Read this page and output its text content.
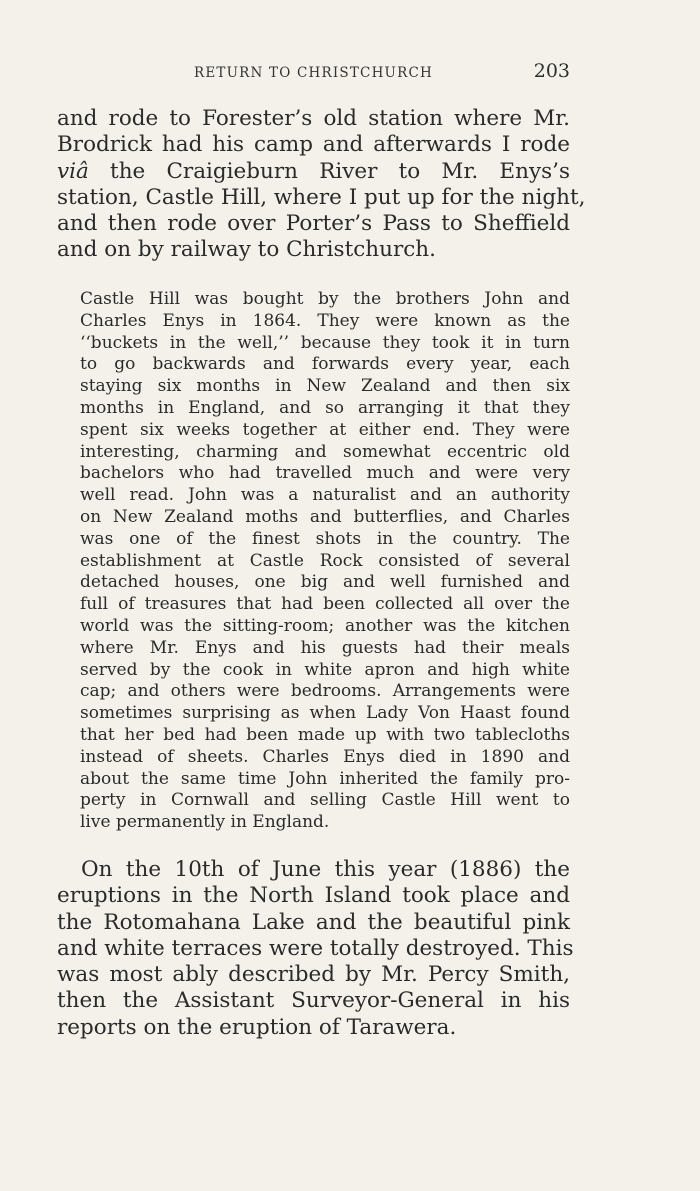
RETURN TO CHRISTCHURCH	203
and rode to Forester’s old station where Mr.
Brodrick had his camp and afterwards I rode
viâ the Craigieburn River to Mr. Enys’s
station, Castle Hill, where I put up for the night,
and then rode over Porter’s Pass to Sheffield
and on by railway to Christchurch.
Castle Hill was bought by the brothers John and
Charles Enys in 1864. They were known as the
‘‘buckets in the well,’’ because they took it in turn
to go backwards and forwards every year, each
staying six months in New Zealand and then six
months in England, and so arranging it that they
spent six weeks together at either end. They were
interesting, charming and somewhat eccentric old
bachelors who had travelled much and were very
well read. John was a naturalist and an authority
on New Zealand moths and butterflies, and Charles
was one of the finest shots in the country. The
establishment at Castle Rock consisted of several
detached houses, one big and well furnished and
full of treasures that had been collected all over the
world was the sitting-room; another was the kitchen
where Mr. Enys and his guests had their meals
served by the cook in white apron and high white
cap; and others were bedrooms. Arrangements were
sometimes surprising as when Lady Von Haast found
that her bed had been made up with two tablecloths
instead of sheets. Charles Enys died in 1890 and
about the same time John inherited the family pro-
perty in Cornwall and selling Castle Hill went to
live permanently in England.
On the 10th of June this year (1886) the
eruptions in the North Island took place and
the Rotomahana Lake and the beautiful pink
and white terraces were totally destroyed. This
was most ably described by Mr. Percy Smith,
then the Assistant Surveyor-General in his
reports on the eruption of Tarawera.
